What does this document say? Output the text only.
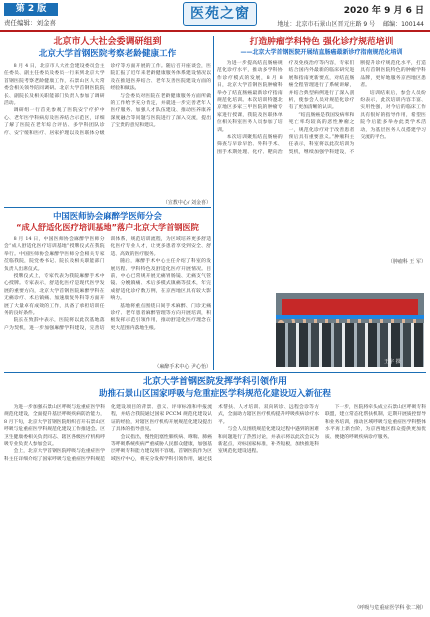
第 2 版
责任编辑：刘金喜
医苑之窗	2020 年 9 月 6 日
地址：北京市石景山区晋元庄路 9 号 邮编：100144
北京市人大社会委调研组到
北京大学首钢医院考察老龄健康工作

8 月 4 日，北京市人大社会建设委员会主任委员、副主任委员及委员一行来到北京大学首钢医院考察老龄健康工作，石景山区人大常委会相关领导陪同调研。北京大学首钢医院院长、副院长及相关职能部门负责人参加了调研活动。

调研组一行首先参观了医院安宁疗护中心、老年医学科病房及医养结合示范区，详细了解了医院在老年综合评估、多学科团队诊疗、安宁缓和医疗、居家护理以及医联体分级诊疗等方面开展的工作。随后召开座谈会，医院汇报了近年来老龄健康服务体系建设情况以及在推进医养结合、老年友善医院建设方面的经验和做法。

与会委员对医院在老龄健康服务方面所做的工作给予充分肯定，并就进一步完善老年人医疗服务、加强人才队伍建设、推动医养康养深度融合等问题与医院进行了深入交流，提出了宝贵的意见和建议。

（宣教中心/ 刘金喜）
中国医师协会麻醉学医师分会
“成人舒适化医疗培训基地”落户北京大学首钢医院

8 月 14 日，中国医师协会麻醉学医师分会“成人舒适化医疗培训基地”授牌仪式在我院举行。中国医师协会麻醉学医师分会相关专家莅临我院，院党委书记、院长及相关职能部门负责人出席仪式。

授牌仪式上，专家代表为我院麻醉手术中心授牌。专家表示，舒适化医疗是现代医学发展的重要方向，北京大学首钢医院麻醉学科在无痛诊疗、术后镇痛、加速康复外科等方面开展了大量卓有成效的工作，具备了承担培训任务的良好条件。

院长在致辞中表示，医院将以此次基地落户为契机，进一步加强麻醉学科建设，完善培训体系，规范培训流程，为区域培养更多舒适化医疗专业人才，让更多患者享受到安全、舒适、高效的医疗服务。

随后，麻醉手术中心主任介绍了科室的发展历程、学科特色及舒适化医疗开展情况。目前，中心已常规开展无痛胃肠镜、无痛支气管镜、分娩镇痛、术后多模式镇痛等技术，年完成舒适化诊疗数万例，在京西地区具有较大影响力。

基地将重点围绕日间手术麻醉、门诊无痛诊疗、老年患者麻醉管理等方向开展培训，积极发挥示范引领作用，推动舒适化医疗理念在更大范围内落地生根。

（麻醉手术中心 尹心怡）
打造肿瘤学科特色 强化诊疗规范培训
——北京大学首钢医院开展结直肠癌最新诊疗指南规范化培训

为进一步提高结直肠癌规范化诊疗水平，推动多学科协作诊疗模式的发展，8 月 8 日，北京大学首钢医院肿瘤科举办了结直肠癌最新诊疗指南规范化培训。本次培训特邀北京地区多家三甲医院的肿瘤专家进行授课，我院及医联体单位相关科室医务人员参加了培训。

本次培训聚焦结直肠癌的筛查与早诊早治、外科手术、围手术期处理、化疗、靶向治疗及免疫治疗等内容，专家们结合国内外最新的临床研究进展和指南更新要点，对结直肠癌全程管理进行了系统讲解，并结合典型病例进行了深入剖析，使参会人员对规范化诊疗有了更加清晰的认识。

“结直肠癌是我国发病率和死亡率均较高的恶性肿瘤之一，规范化诊疗对于改善患者预后具有重要意义。”肿瘤科主任表示，科室将以此次培训为契机，继续加强学科建设，不断提升诊疗规范化水平，打造具有首钢医院特色的肿瘤学科品牌，更好地服务京西地区患者。

培训结束后，参会人员纷纷表示，此次培训内容丰富、实用性强，对今后的临床工作具有很好的指导作用，希望医院今后能多举办此类学术活动，为基层医务人员搭建学习交流的平台。

（肿瘤科 王 军）
王宇 摄
北京大学首钢医院发挥学科引领作用
助推石景山区国家呼吸与危重症医学科规范化建设迈入新征程

为进一步加强石景山区呼吸与危重症医学科规范化建设，全面提升基层呼吸疾病防治能力，8 月下旬，北京大学首钢医院组织召开石景山区呼吸与危重症医学科规范化建设工作推进会。区卫生健康委相关负责同志、辖区各级医疗机构呼吸专业负责人参加会议。

会上，北京大学首钢医院呼吸与危重症医学科主任详细介绍了国家呼吸与危重症医学科规范化建设项目的背景、意义、评审标准和申报流程，并结合我院通过国家 PCCM 规范化建设认证的经验，对辖区医疗机构开展规范化建设提出了具体的指导意见。

会议指出，慢性阻塞性肺疾病、哮喘、肺癌等呼吸系统疾病严重威胁人民群众健康，加强基层呼吸专科能力建设刻不容缓。首钢医院作为区域医疗中心，将充分发挥学科引领作用，通过技术帮扶、人才培训、双向转诊、远程会诊等方式，全面助力辖区医疗机构提升呼吸疾病诊疗水平。

与会人员围绕规范化建设过程中遇到的困难和问题进行了热烈讨论，并表示将以此次会议为新起点，对标国家标准，补齐短板，加快推进科室规范化建设进程。

下一步，医院将牵头成立石景山区呼吸专科联盟，建立常态化帮扶机制，定期开展质控督导和业务培训，推动区域呼吸与危重症医学科整体水平再上新台阶，为京西地区群众提供更加优质、便捷的呼吸疾病诊疗服务。

（呼吸与危重症医学科 张二刚）
